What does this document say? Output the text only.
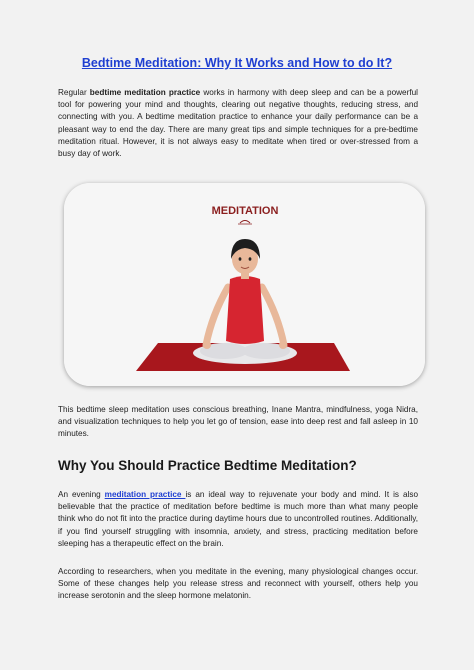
Bedtime Meditation: Why It Works and How to do It?

Regular bedtime meditation practice works in harmony with deep sleep and can be a powerful tool for powering your mind and thoughts, clearing out negative thoughts, reducing stress, and connecting with you. A bedtime meditation practice to enhance your daily performance can be a pleasant way to end the day. There are many great tips and simple techniques for a pre-bedtime meditation ritual. However, it is not always easy to meditate when tired or over-stressed from a busy day of work.

MEDITATION

This bedtime sleep meditation uses conscious breathing, Inane Mantra, mindfulness, yoga Nidra, and visualization techniques to help you let go of tension, ease into deep rest and fall asleep in 10 minutes.

Why You Should Practice Bedtime Meditation?

An evening meditation practice is an ideal way to rejuvenate your body and mind. It is also believable that the practice of meditation before bedtime is much more than what many people think who do not fit into the practice during daytime hours due to uncontrolled routines. Additionally, if you find yourself struggling with insomnia, anxiety, and stress, practicing meditation before sleeping has a therapeutic effect on the brain.

According to researchers, when you meditate in the evening, many physiological changes occur. Some of these changes help you release stress and reconnect with yourself, others help you increase serotonin and the sleep hormone melatonin.
